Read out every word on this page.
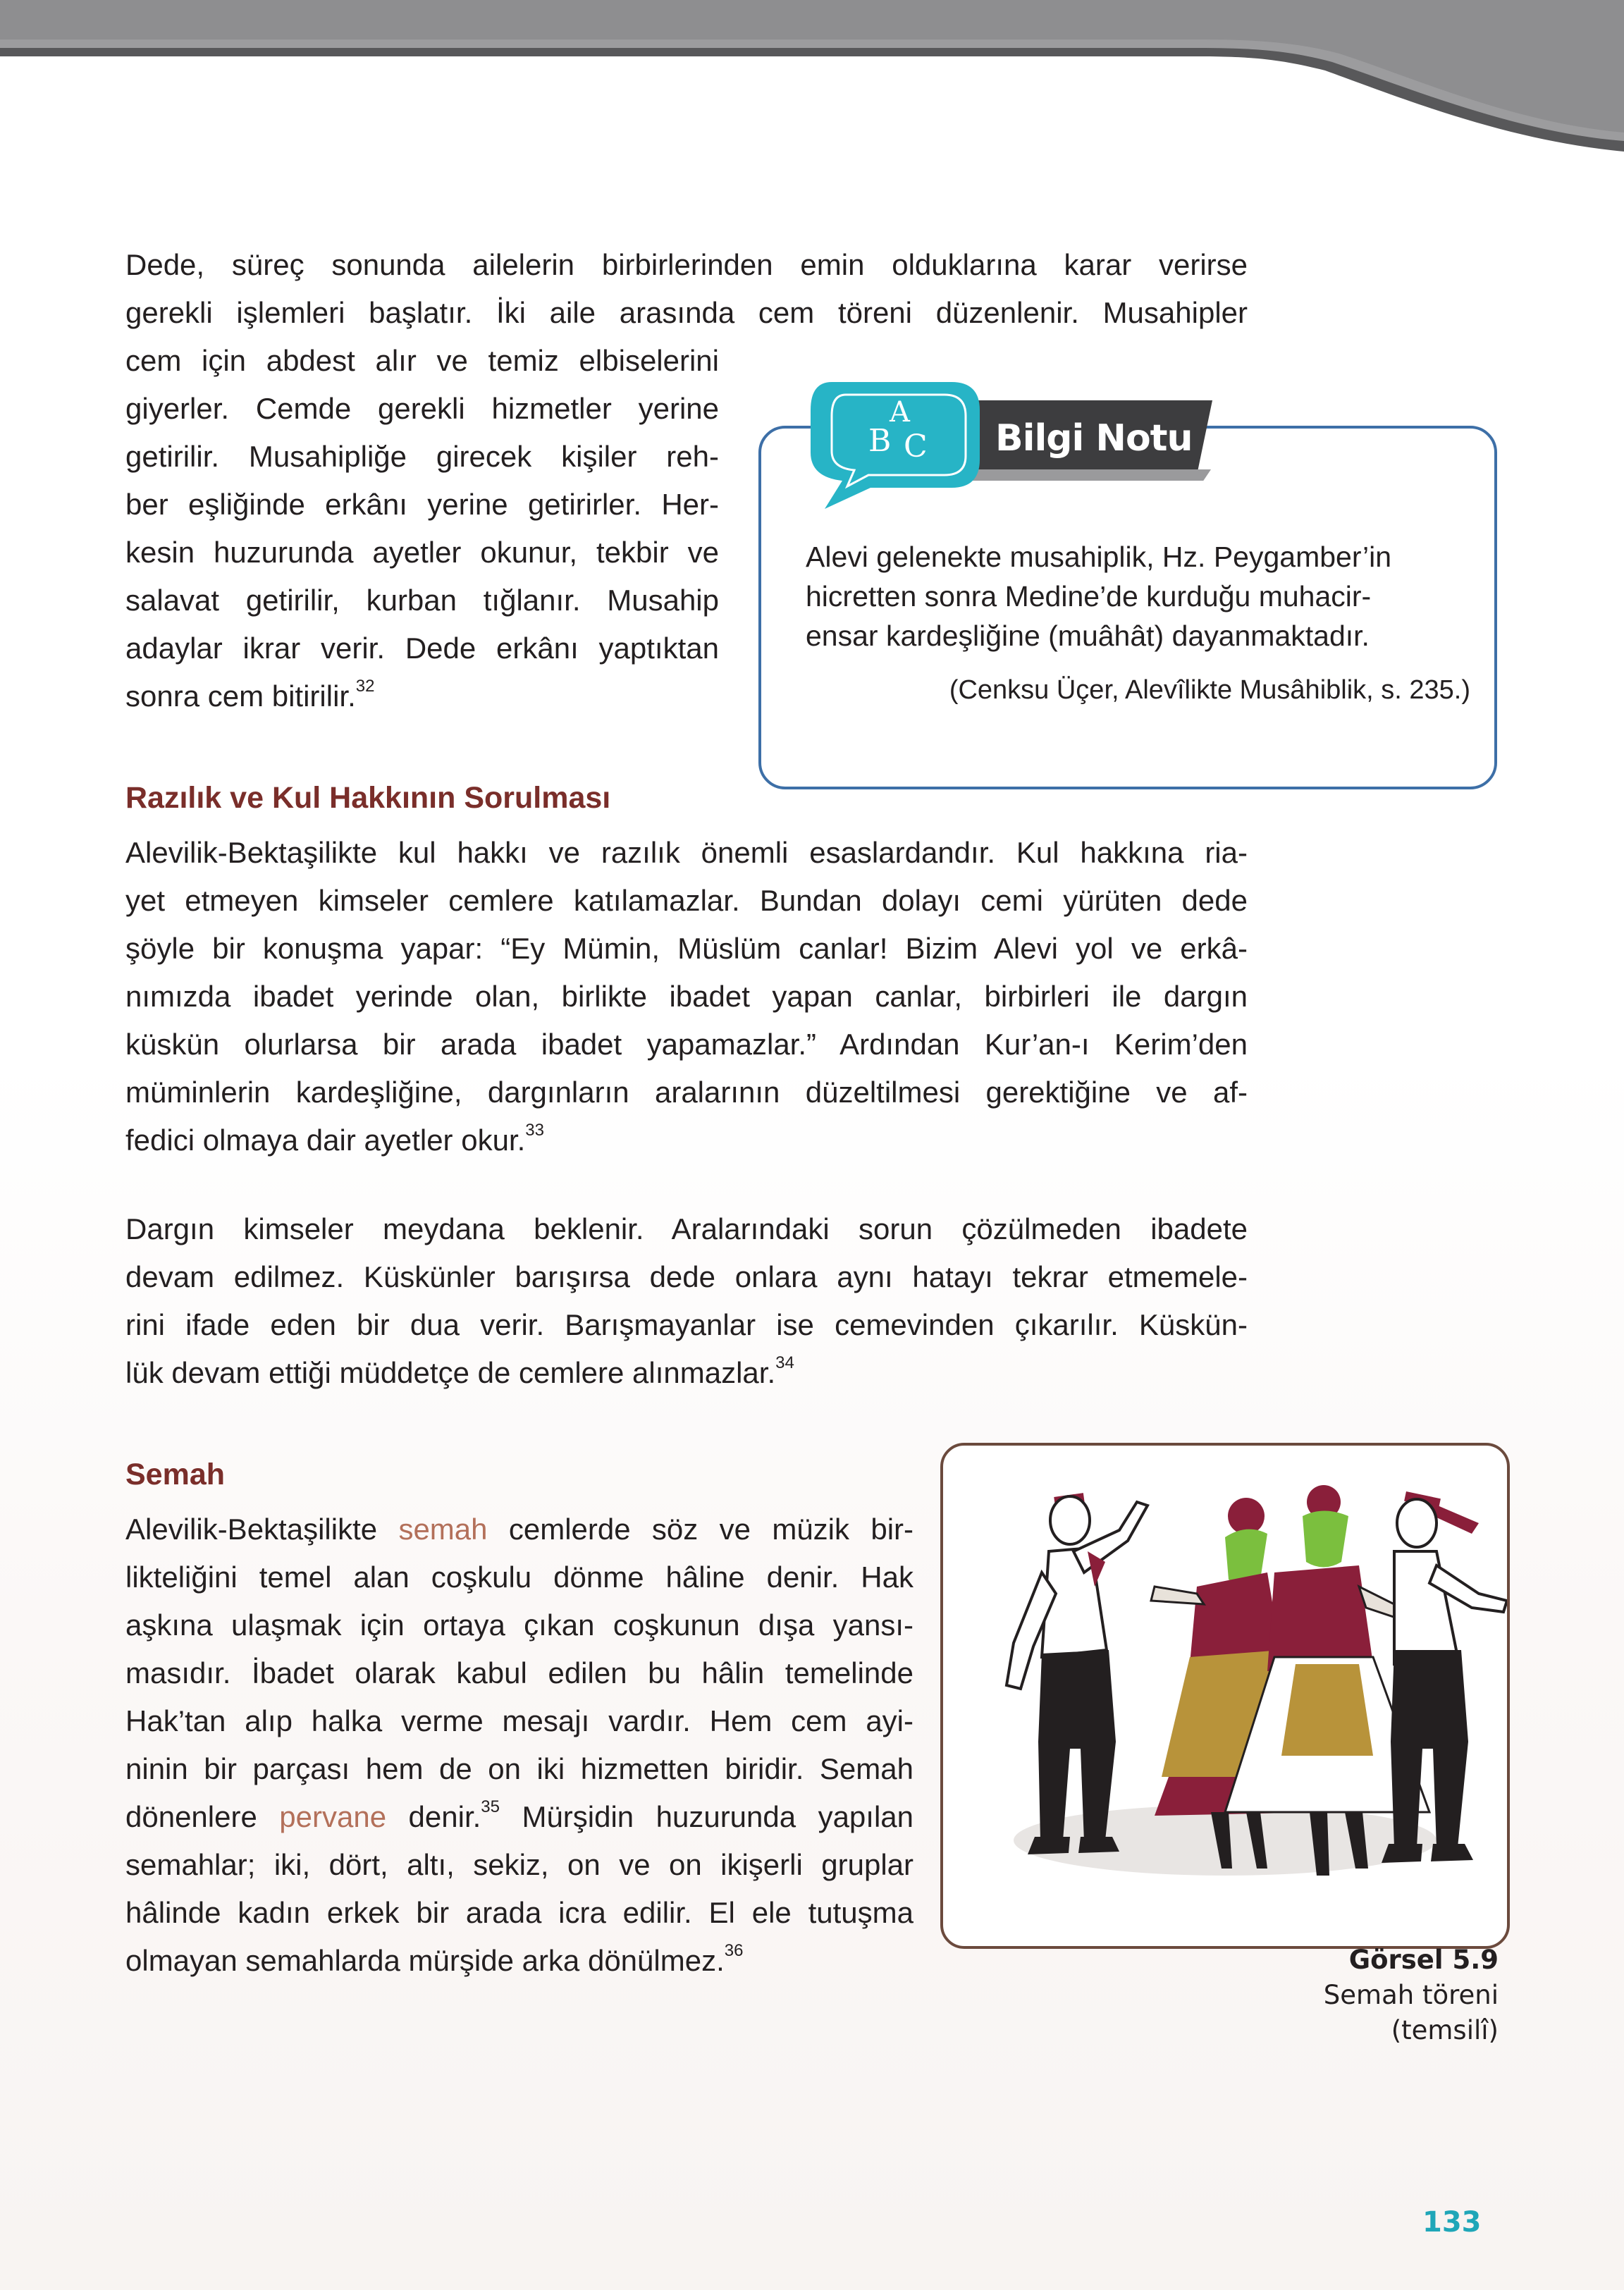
Dede, süreç sonunda ailelerin birbirlerinden emin olduklarına karar verirse
gerekli işlemleri başlatır. İki aile arasında cem töreni düzenlenir. Musahipler

cem için abdest alır ve temiz elbiselerini
giyerler. Cemde gerekli hizmetler yerine
getirilir. Musahipliğe girecek kişiler reh-
ber eşliğinde erkânı yerine getirirler. Her-
kesin huzurunda ayetler okunur, tekbir ve
salavat getirilir, kurban tığlanır. Musahip
adaylar ikrar verir. Dede erkânı yaptıktan
sonra cem bitirilir.$^{32}$

Bilgi Notu
A
B C

Alevi gelenekte musahiplik, Hz. Peygamber’in
hicretten sonra Medine’de kurduğu muhacir-
ensar kardeşliğine (muâhât) dayanmaktadır.

(Cenksu Üçer, Alevîlikte Musâhiblik, s. 235.)

Razılık ve Kul Hakkının Sorulması

Alevilik-Bektaşilikte kul hakkı ve razılık önemli esaslardandır. Kul hakkına ria-
yet etmeyen kimseler cemlere katılamazlar. Bundan dolayı cemi yürüten dede
şöyle bir konuşma yapar: “Ey Mümin, Müslüm canlar! Bizim Alevi yol ve erkâ-
nımızda ibadet yerinde olan, birlikte ibadet yapan canlar, birbirleri ile dargın
küskün olurlarsa bir arada ibadet yapamazlar.” Ardından Kur’an-ı Kerim’den
müminlerin kardeşliğine, dargınların aralarının düzeltilmesi gerektiğine ve af-
fedici olmaya dair ayetler okur.$^{33}$

Dargın kimseler meydana beklenir. Aralarındaki sorun çözülmeden ibadete
devam edilmez. Küskünler barışırsa dede onlara aynı hatayı tekrar etmemele-
rini ifade eden bir dua verir. Barışmayanlar ise cemevinden çıkarılır. Küskün-
lük devam ettiği müddetçe de cemlere alınmazlar.$^{34}$

Semah

Alevilik-Bektaşilikte semah cemlerde söz ve müzik bir-
likteliğini temel alan coşkulu dönme hâline denir. Hak
aşkına ulaşmak için ortaya çıkan coşkunun dışa yansı-
masıdır. İbadet olarak kabul edilen bu hâlin temelinde
Hak’tan alıp halka verme mesajı vardır. Hem cem ayi-
ninin bir parçası hem de on iki hizmetten biridir. Semah
dönenlere pervane denir.$^{35}$ Mürşidin huzurunda yapılan
semahlar; iki, dört, altı, sekiz, on ve on ikişerli gruplar
hâlinde kadın erkek bir arada icra edilir. El ele tutuşma
olmayan semahlarda mürşide arka dönülmez.$^{36}$	Görsel 5.9
Semah töreni
(temsilî)
133
